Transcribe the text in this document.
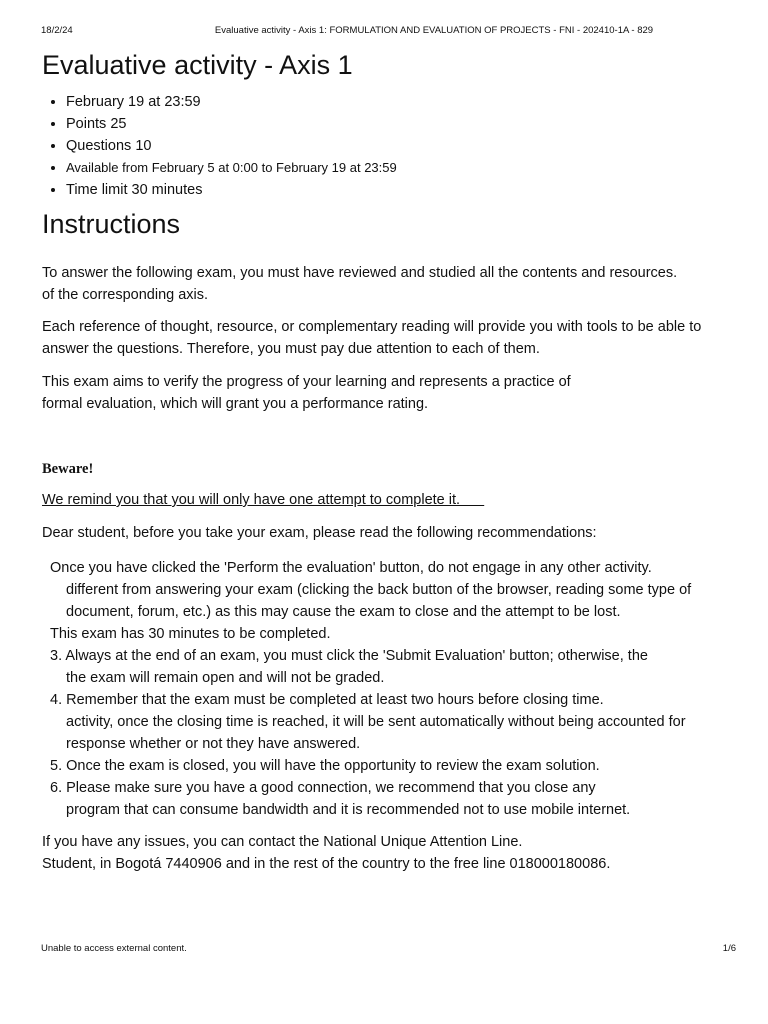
18/2/24	Evaluative activity - Axis 1: FORMULATION AND EVALUATION OF PROJECTS - FNI - 202410-1A - 829
Evaluative activity - Axis 1
• February 19 at 23:59
• Points 25
• Questions 10
• Available from February 5 at 0:00 to February 19 at 23:59
• Time limit 30 minutes
Instructions
To answer the following exam, you must have reviewed and studied all the contents and resources.
of the corresponding axis.
Each reference of thought, resource, or complementary reading will provide you with tools to be able to
answer the questions. Therefore, you must pay due attention to each of them.
This exam aims to verify the progress of your learning and represents a practice of
formal evaluation, which will grant you a performance rating.
Beware!
We remind you that you will only have one attempt to complete it.
Dear student, before you take your exam, please read the following recommendations:
Once you have clicked the 'Perform the evaluation' button, do not engage in any other activity.
different from answering your exam (clicking the back button of the browser, reading some type of
document, forum, etc.) as this may cause the exam to close and the attempt to be lost.
This exam has 30 minutes to be completed.
3. Always at the end of an exam, you must click the 'Submit Evaluation' button; otherwise, the
the exam will remain open and will not be graded.
4. Remember that the exam must be completed at least two hours before closing time.
activity, once the closing time is reached, it will be sent automatically without being accounted for
response whether or not they have answered.
5. Once the exam is closed, you will have the opportunity to review the exam solution.
6. Please make sure you have a good connection, we recommend that you close any
program that can consume bandwidth and it is recommended not to use mobile internet.
If you have any issues, you can contact the National Unique Attention Line.
Student, in Bogotá 7440906 and in the rest of the country to the free line 018000180086.
Unable to access external content.	1/6
